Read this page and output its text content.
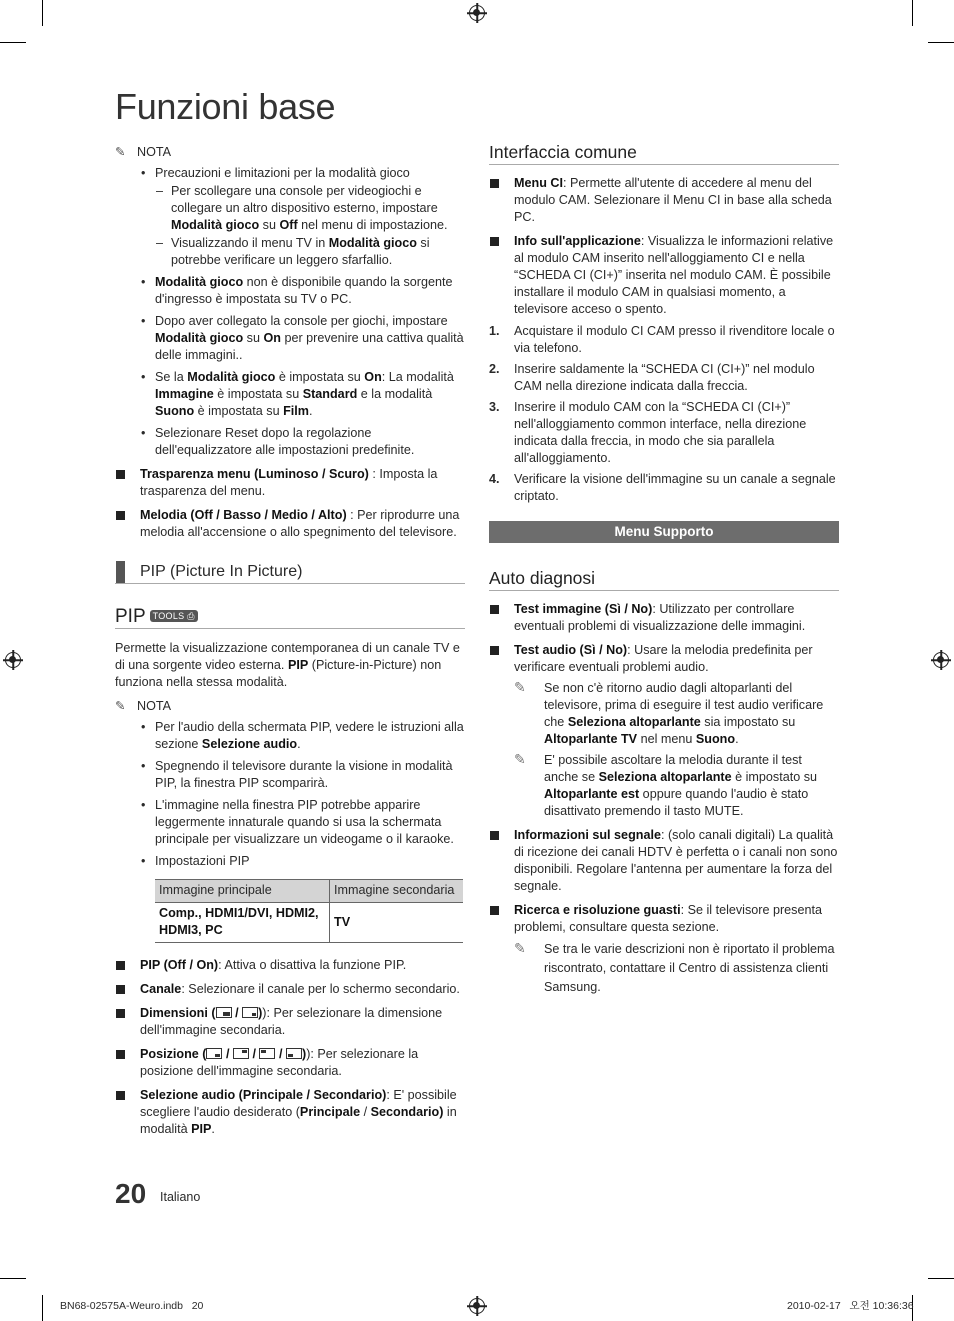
Funzioni base
✎ NOTA
• Precauzioni e limitazioni per la modalità gioco
– Per scollegare una console per videogiochi e collegare un altro dispositivo esterno, impostare Modalità gioco su Off nel menu di impostazione.
– Visualizzando il menu TV in Modalità gioco si potrebbe verificare un leggero sfarfallio.
• Modalità gioco non è disponibile quando la sorgente d'ingresso è impostata su TV o PC.
• Dopo aver collegato la console per giochi, impostare Modalità gioco su On per prevenire una cattiva qualità delle immagini..
• Se la Modalità gioco è impostata su On: La modalità Immagine è impostata su Standard e la modalità Suono è impostata su Film.
• Selezionare Reset dopo la regolazione dell'equalizzatore alle impostazioni predefinite.
Trasparenza menu (Luminoso / Scuro) : Imposta la trasparenza del menu.
Melodia (Off / Basso / Medio / Alto) : Per riprodurre una melodia all'accensione o allo spegnimento del televisore.
PIP (Picture In Picture)
PIP TOOLS ⎙

Permette la visualizzazione contemporanea di un canale TV e di una sorgente video esterna. PIP (Picture-in-Picture) non funziona nella stessa modalità.

✎ NOTA
• Per l'audio della schermata PIP, vedere le istruzioni alla sezione Selezione audio.
• Spegnendo il televisore durante la visione in modalità PIP, la finestra PIP scomparirà.
• L'immagine nella finestra PIP potrebbe apparire leggermente innaturale quando si usa la schermata principale per visualizzare un videogame o il karaoke.
• Impostazioni PIP
Immagine principale	Immagine secondaria
Comp., HDMI1/DVI, HDMI2, HDMI3, PC	TV
PIP (Off / On): Attiva o disattiva la funzione PIP.
Canale: Selezionare il canale per lo schermo secondario.
Dimensioni (
/
)): Per selezionare la dimensione dell'immagine secondaria.
Posizione (
/
/
/
)): Per selezionare la posizione dell'immagine secondaria.
Selezione audio (Principale / Secondario): E' possibile scegliere l'audio desiderato (Principale / Secondario) in modalità PIP.
20 Italiano
BN68-02575A-Weuro.indb   20	2010-02-17   오전 10:36:36
Interfaccia comune
Menu CI: Permette all'utente di accedere al menu del modulo CAM. Selezionare il Menu CI in base alla scheda PC.
Info sull'applicazione: Visualizza le informazioni relative al modulo CAM inserito nell'alloggiamento CI e nella “SCHEDA CI (CI+)” inserita nel modulo CAM. È possibile installare il modulo CAM in qualsiasi momento, a televisore acceso o spento.
1. Acquistare il modulo CI CAM presso il rivenditore locale o via telefono.
2. Inserire saldamente la “SCHEDA CI (CI+)” nel modulo CAM nella direzione indicata dalla freccia.
3. Inserire il modulo CAM con la “SCHEDA CI (CI+)” nell'alloggiamento common interface, nella direzione indicata dalla freccia, in modo che sia parallela all'alloggiamento.
4. Verificare la visione dell'immagine su un canale a segnale criptato.
Menu Supporto
Auto diagnosi
Test immagine (Sì / No): Utilizzato per controllare eventuali problemi di visualizzazione delle immagini.
Test audio (Sì / No): Usare la melodia predefinita per verificare eventuali problemi audio.
✎ Se non c'è ritorno audio dagli altoparlanti del televisore, prima di eseguire il test audio verificare che Seleziona altoparlante sia impostato su Altoparlante TV nel menu Suono.
✎ E' possibile ascoltare la melodia durante il test anche se Seleziona altoparlante è impostato su Altoparlante est oppure quando l'audio è stato disattivato premendo il tasto MUTE.
Informazioni sul segnale: (solo canali digitali) La qualità di ricezione dei canali HDTV è perfetta o i canali non sono disponibili. Regolare l'antenna per aumentare la forza del segnale.
Ricerca e risoluzione guasti: Se il televisore presenta problemi, consultare questa sezione.
✎ Se tra le varie descrizioni non è riportato il problema riscontrato, contattare il Centro di assistenza clienti Samsung.
